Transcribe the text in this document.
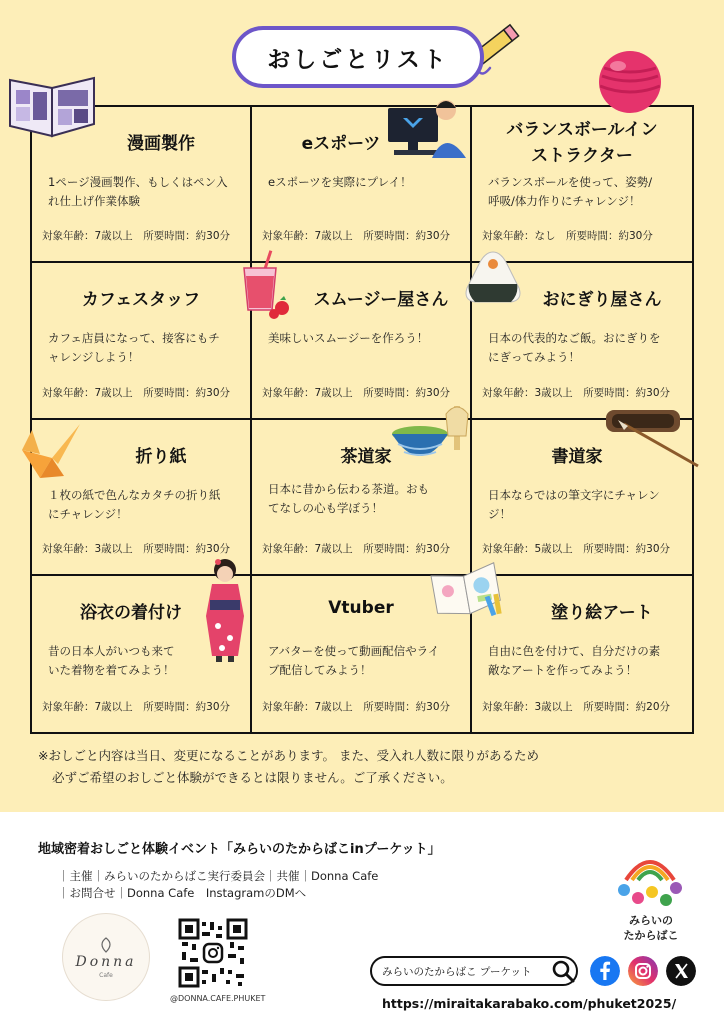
おしごとリスト
漫画製作
1ページ漫画製作、もしくはペン入
れ仕上げ作業体験
対象年齢：7歳以上　 所要時間：約30分
eスポーツ
eスポーツを実際にプレイ！
対象年齢：7歳以上　 所要時間：約30分
バランスボールイン
ストラクター
バランスボールを使って、姿勢/
呼吸/体力作りにチャレンジ！
対象年齢：なし　 所要時間：約30分
カフェスタッフ
カフェ店員になって、接客にもチ
ャレンジしよう！
対象年齢：7歳以上　 所要時間：約30分
スムージー屋さん
美味しいスムージーを作ろう！
対象年齢：7歳以上　 所要時間：約30分
おにぎり屋さん
日本の代表的なご飯。おにぎりを
にぎってみよう！
対象年齢：3歳以上　 所要時間：約30分
折り紙
１枚の紙で色んなカタチの折り紙
にチャレンジ！
対象年齢：3歳以上　 所要時間：約30分
茶道家
日本に昔から伝わる茶道。おも
てなしの心も学ぼう！
対象年齢：7歳以上　 所要時間：約30分
書道家
日本ならではの筆文字にチャレン
ジ！
対象年齢：5歳以上　 所要時間：約30分
浴衣の着付け
昔の日本人がいつも来て
いた着物を着てみよう！
対象年齢：7歳以上　 所要時間：約30分
Vtuber
アバターを使って動画配信やライ
ブ配信してみよう！
対象年齢：7歳以上　 所要時間：約30分
塗り絵アート
自由に色を付けて、自分だけの素
敵なアートを作ってみよう！
対象年齢：3歳以上　 所要時間：約20分

※おしごと内容は当日、変更になることがあります。 また、受入れ人数に限りがあるため

必ずご希望のおしごと体験ができるとは限りません。ご了承ください。

地域密着おしごと体験イベント「みらいのたからばこinプーケット」
｜主催｜みらいのたからばこ実行委員会｜共催｜Donna Cafe
｜お問合せ｜Donna Cafe　InstagramのDMへ
Donna
Cafe
@DONNA.CAFE.PHUKET
みらいの
たからばこ
みらいのたからばこ プーケット
https://miraitakarabako.com/phuket2025/
